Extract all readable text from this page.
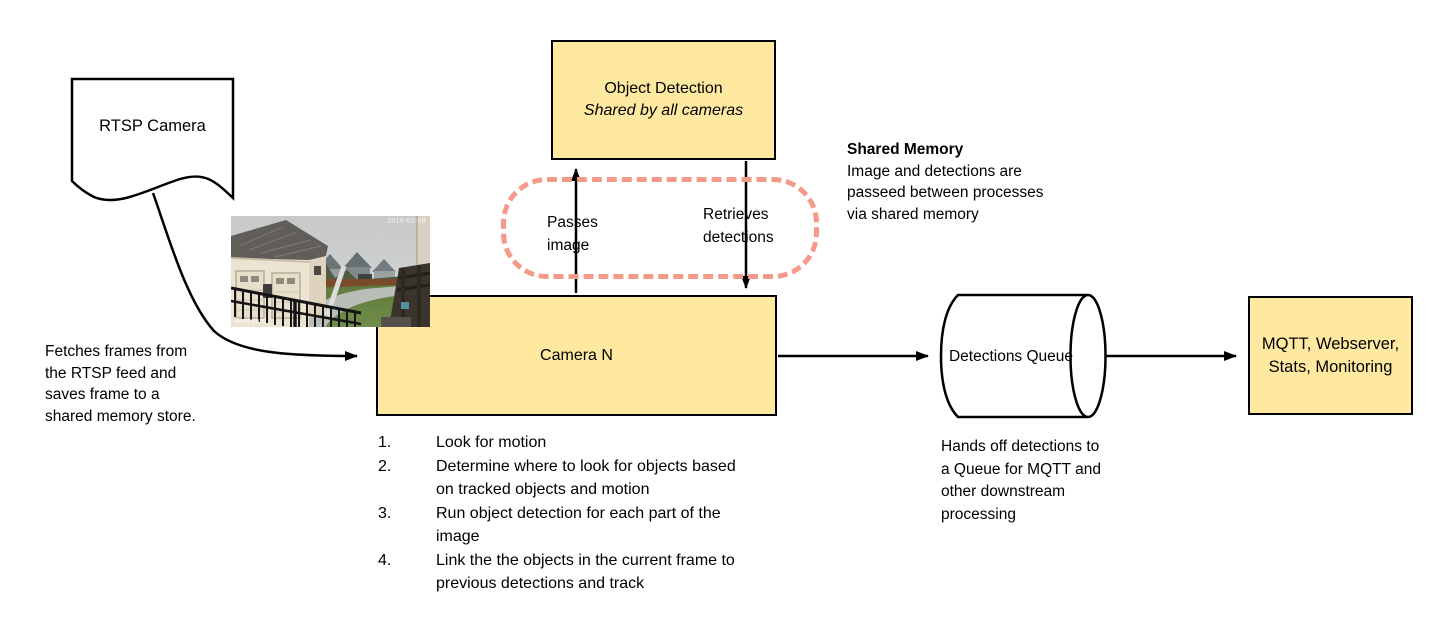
RTSP Camera
Object Detection
Shared by all cameras
Passes image
Retrieves detections
Shared Memory
Image and detections are passeed between processes via shared memory
Camera N
MQTT, Webserver, Stats, Monitoring
Detections Queue
Fetches frames from the RTSP feed and saves frame to a shared memory store.
Hands off detections to a Queue for MQTT and other downstream processing
1.	Look for motion
2.	Determine where to look for objects based on tracked objects and motion
3.	Run object detection for each part of the image
4.	Link the the objects in the current frame to previous detections and track
2019-03-06
Backyard
